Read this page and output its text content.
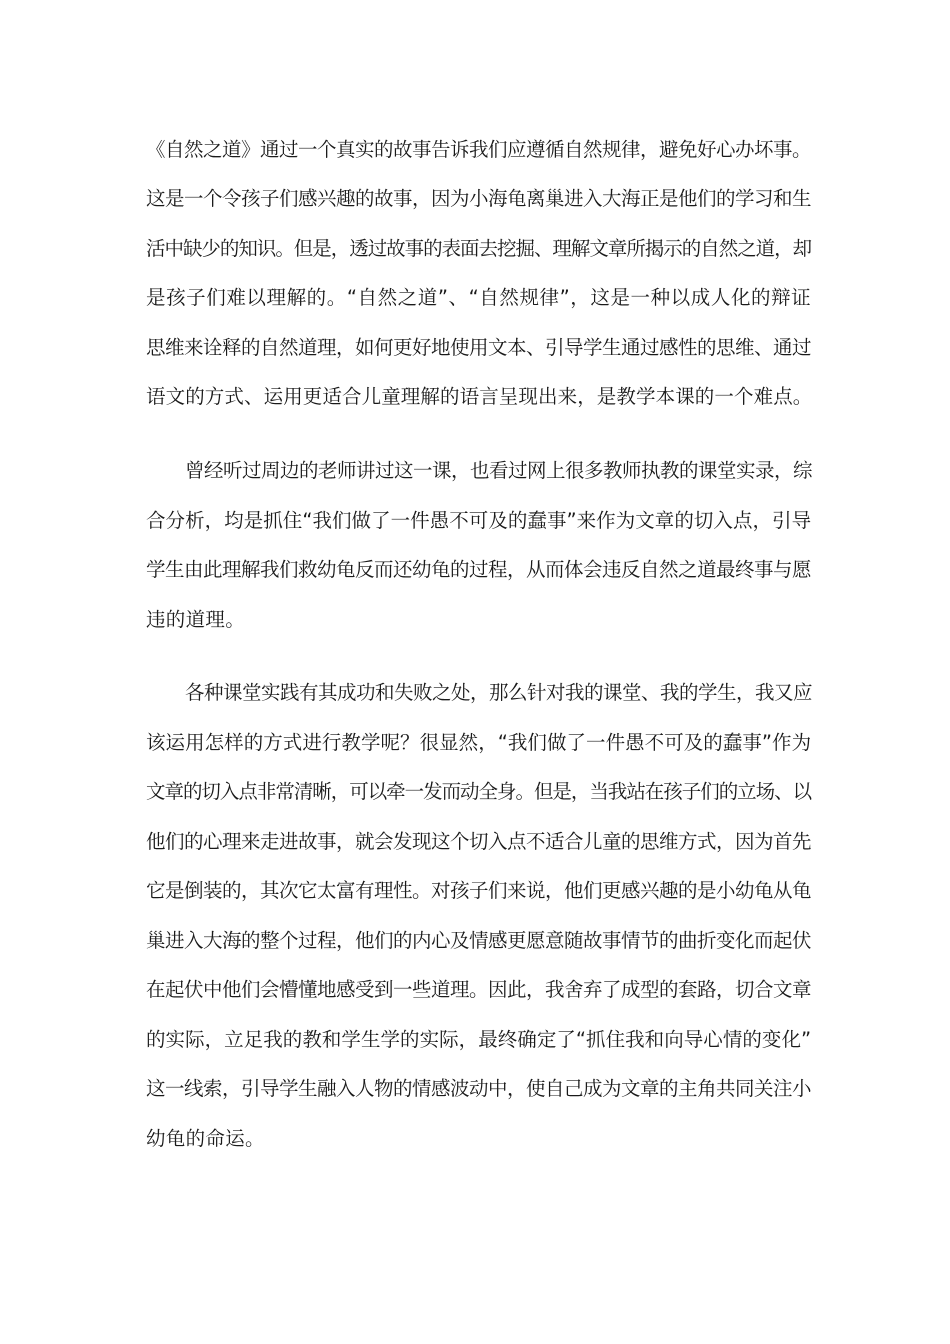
《自然之道》通过一个真实的故事告诉我们应遵循自然规律，避免好心办坏事。

这是一个令孩子们感兴趣的故事，因为小海龟离巢进入大海正是他们的学习和生

活中缺少的知识。但是，透过故事的表面去挖掘、理解文章所揭示的自然之道，却

是孩子们难以理解的。“自然之道”、“自然规律”，这是一种以成人化的辩证

思维来诠释的自然道理，如何更好地使用文本、引导学生通过感性的思维、通过

语文的方式、运用更适合儿童理解的语言呈现出来，是教学本课的一个难点。

曾经听过周边的老师讲过这一课，也看过网上很多教师执教的课堂实录，综

合分析，均是抓住“我们做了一件愚不可及的蠢事”来作为文章的切入点，引导

学生由此理解我们救幼龟反而还幼龟的过程，从而体会违反自然之道最终事与愿

违的道理。

各种课堂实践有其成功和失败之处，那么针对我的课堂、我的学生，我又应

该运用怎样的方式进行教学呢？很显然，“我们做了一件愚不可及的蠢事”作为

文章的切入点非常清晰，可以牵一发而动全身。但是，当我站在孩子们的立场、以

他们的心理来走进故事，就会发现这个切入点不适合儿童的思维方式，因为首先

它是倒装的，其次它太富有理性。对孩子们来说，他们更感兴趣的是小幼龟从龟

巢进入大海的整个过程，他们的内心及情感更愿意随故事情节的曲折变化而起伏

在起伏中他们会懵懂地感受到一些道理。因此，我舍弃了成型的套路，切合文章

的实际，立足我的教和学生学的实际，最终确定了“抓住我和向导心情的变化”

这一线索，引导学生融入人物的情感波动中，使自己成为文章的主角共同关注小

幼龟的命运。
